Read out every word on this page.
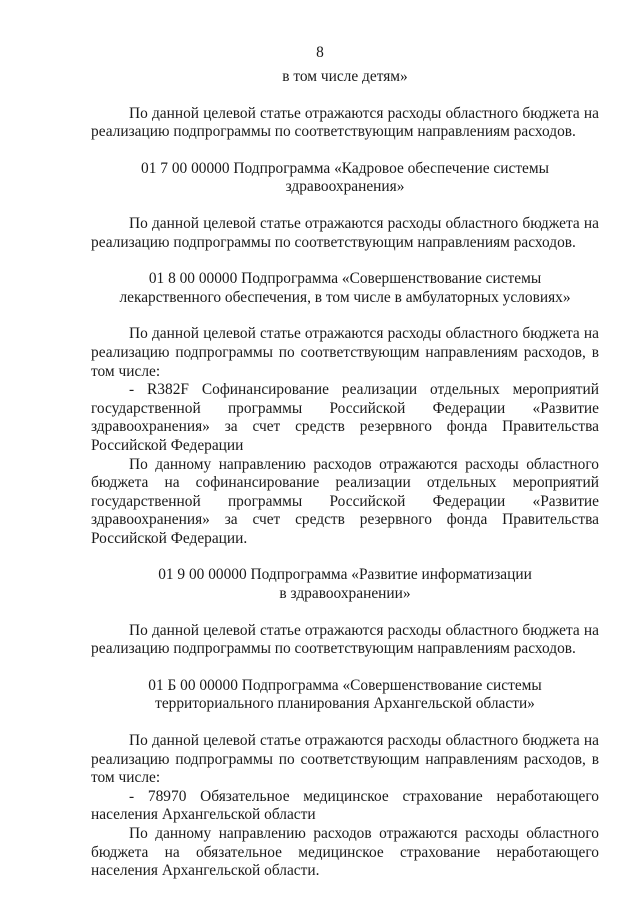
8
в том числе детям»
По данной целевой статье отражаются расходы областного бюджета на реализацию подпрограммы по соответствующим направлениям расходов.
01 7 00 00000 Подпрограмма «Кадровое обеспечение системы
здравоохранения»
По данной целевой статье отражаются расходы областного бюджета на реализацию подпрограммы по соответствующим направлениям расходов.
01 8 00 00000 Подпрограмма «Совершенствование системы
лекарственного обеспечения, в том числе в амбулаторных условиях»
По данной целевой статье отражаются расходы областного бюджета на реализацию подпрограммы по соответствующим направлениям расходов, в том числе:
- R382F Софинансирование реализации отдельных мероприятий государственной программы Российской Федерации «Развитие здравоохранения» за счет средств резервного фонда Правительства Российской Федерации
По данному направлению расходов отражаются расходы областного бюджета на софинансирование реализации отдельных мероприятий государственной программы Российской Федерации «Развитие здравоохранения» за счет средств резервного фонда Правительства Российской Федерации.
01 9 00 00000 Подпрограмма «Развитие информатизации
в здравоохранении»
По данной целевой статье отражаются расходы областного бюджета на реализацию подпрограммы по соответствующим направлениям расходов.
01 Б 00 00000 Подпрограмма «Совершенствование системы
территориального планирования Архангельской области»
По данной целевой статье отражаются расходы областного бюджета на реализацию подпрограммы по соответствующим направлениям расходов, в том числе:
- 78970 Обязательное медицинское страхование неработающего населения Архангельской области
По данному направлению расходов отражаются расходы областного бюджета на обязательное медицинское страхование неработающего населения Архангельской области.
